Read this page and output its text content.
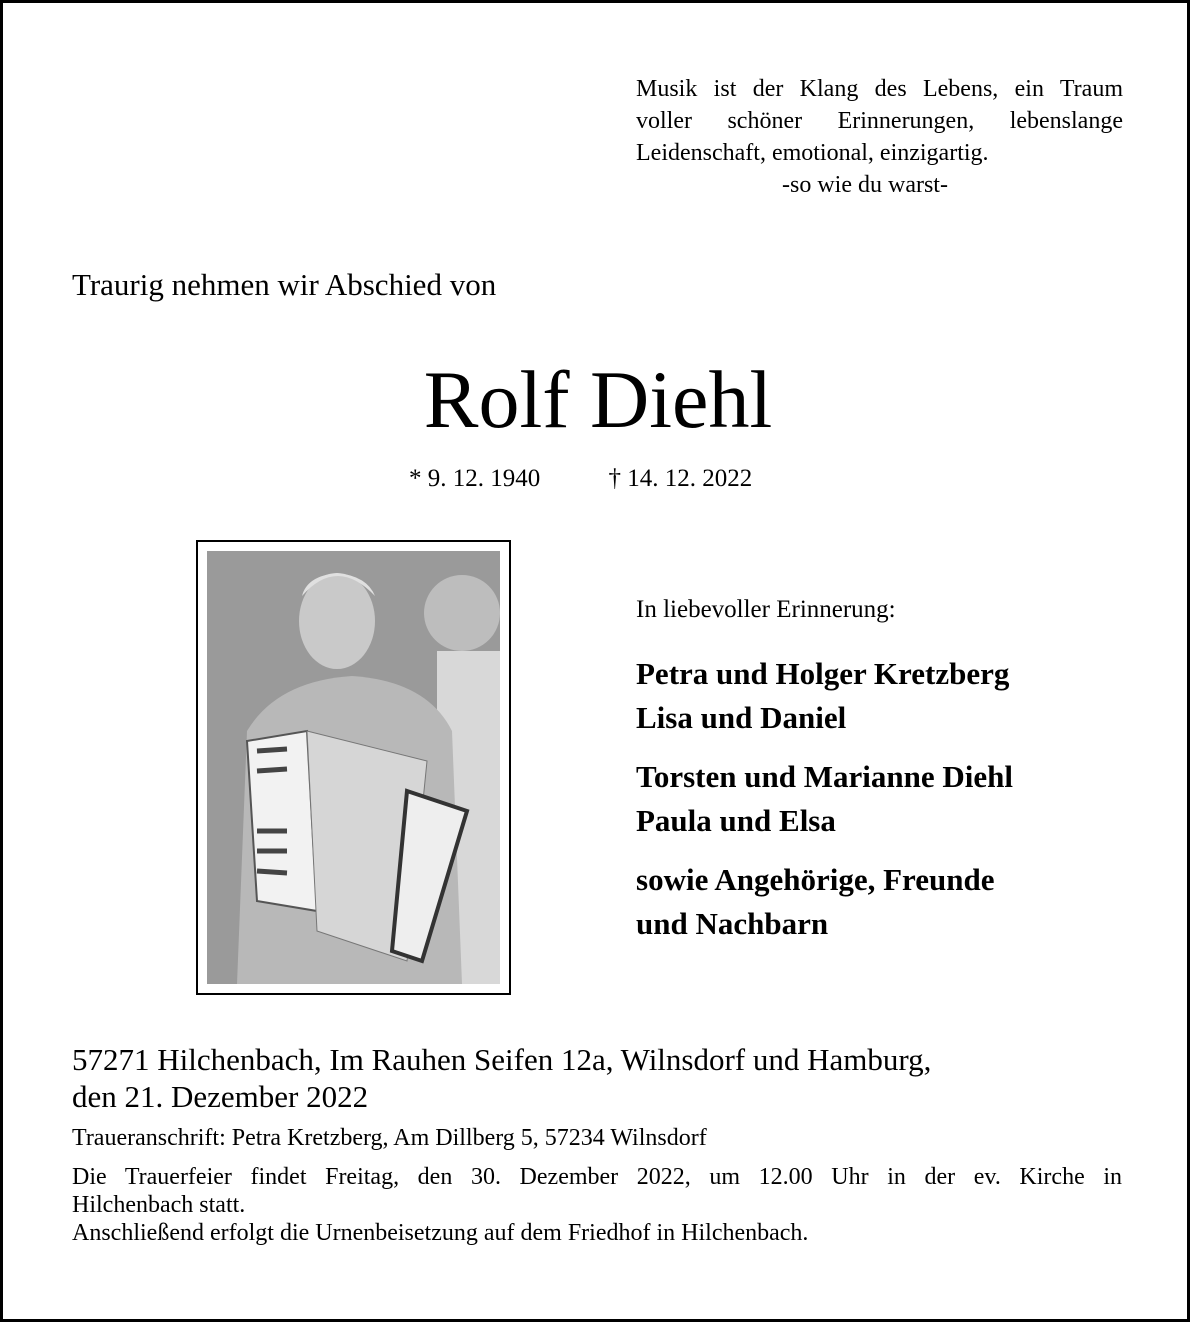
Musik ist der Klang des Lebens, ein Traum
voller schöner Erinnerungen, lebenslange
Leidenschaft, emotional, einzigartig.
-so wie du warst-
Traurig nehmen wir Abschied von
Rolf Diehl
* 9. 12. 1940	† 14. 12. 2022
In liebevoller Erinnerung:
Petra und Holger Kretzberg
Lisa und Daniel
Torsten und Marianne Diehl
Paula und Elsa
sowie Angehörige, Freunde
und Nachbarn
57271 Hilchenbach, Im Rauhen Seifen 12a, Wilnsdorf und Hamburg,
den 21. Dezember 2022

Traueranschrift: Petra Kretzberg, Am Dillberg 5, 57234 Wilnsdorf

Die Trauerfeier findet Freitag, den 30. Dezember 2022, um 12.00 Uhr in der ev. Kirche in

Hilchenbach statt.

Anschließend erfolgt die Urnenbeisetzung auf dem Friedhof in Hilchenbach.
